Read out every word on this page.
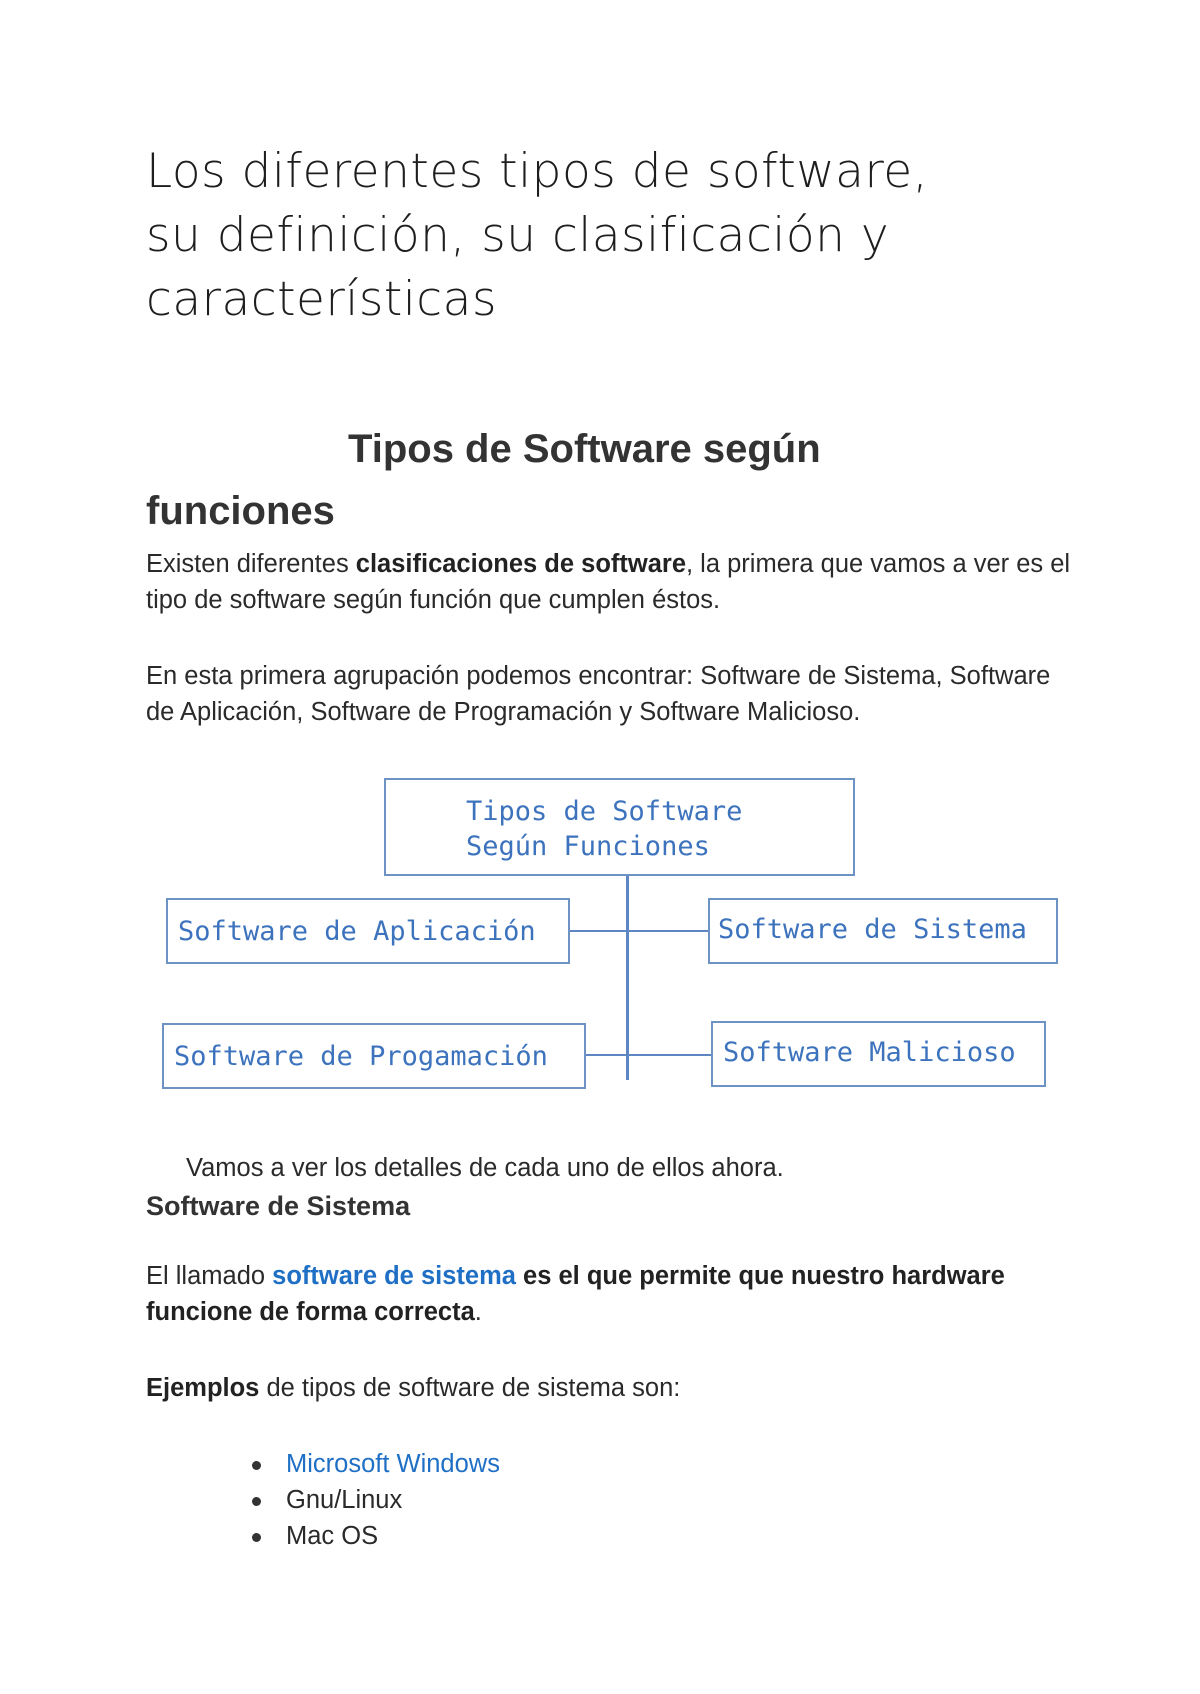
Los diferentes tipos de software,
su definición, su clasificación y
características
Tipos de Software según
funciones

Existen diferentes clasificaciones de software, la primera que vamos a ver es el tipo de software según función que cumplen éstos.

En esta primera agrupación podemos encontrar: Software de Sistema, Software de Aplicación, Software de Programación y Software Malicioso.

Tipos de Software
Según Funciones
Software de Aplicación	Software de Sistema
Software de Progamación	Software Malicioso

Vamos a ver los detalles de cada uno de ellos ahora.

Software de Sistema

El llamado software de sistema es el que permite que nuestro hardware funcione de forma correcta.

Ejemplos de tipos de software de sistema son:

Microsoft Windows
Gnu/Linux
Mac OS
